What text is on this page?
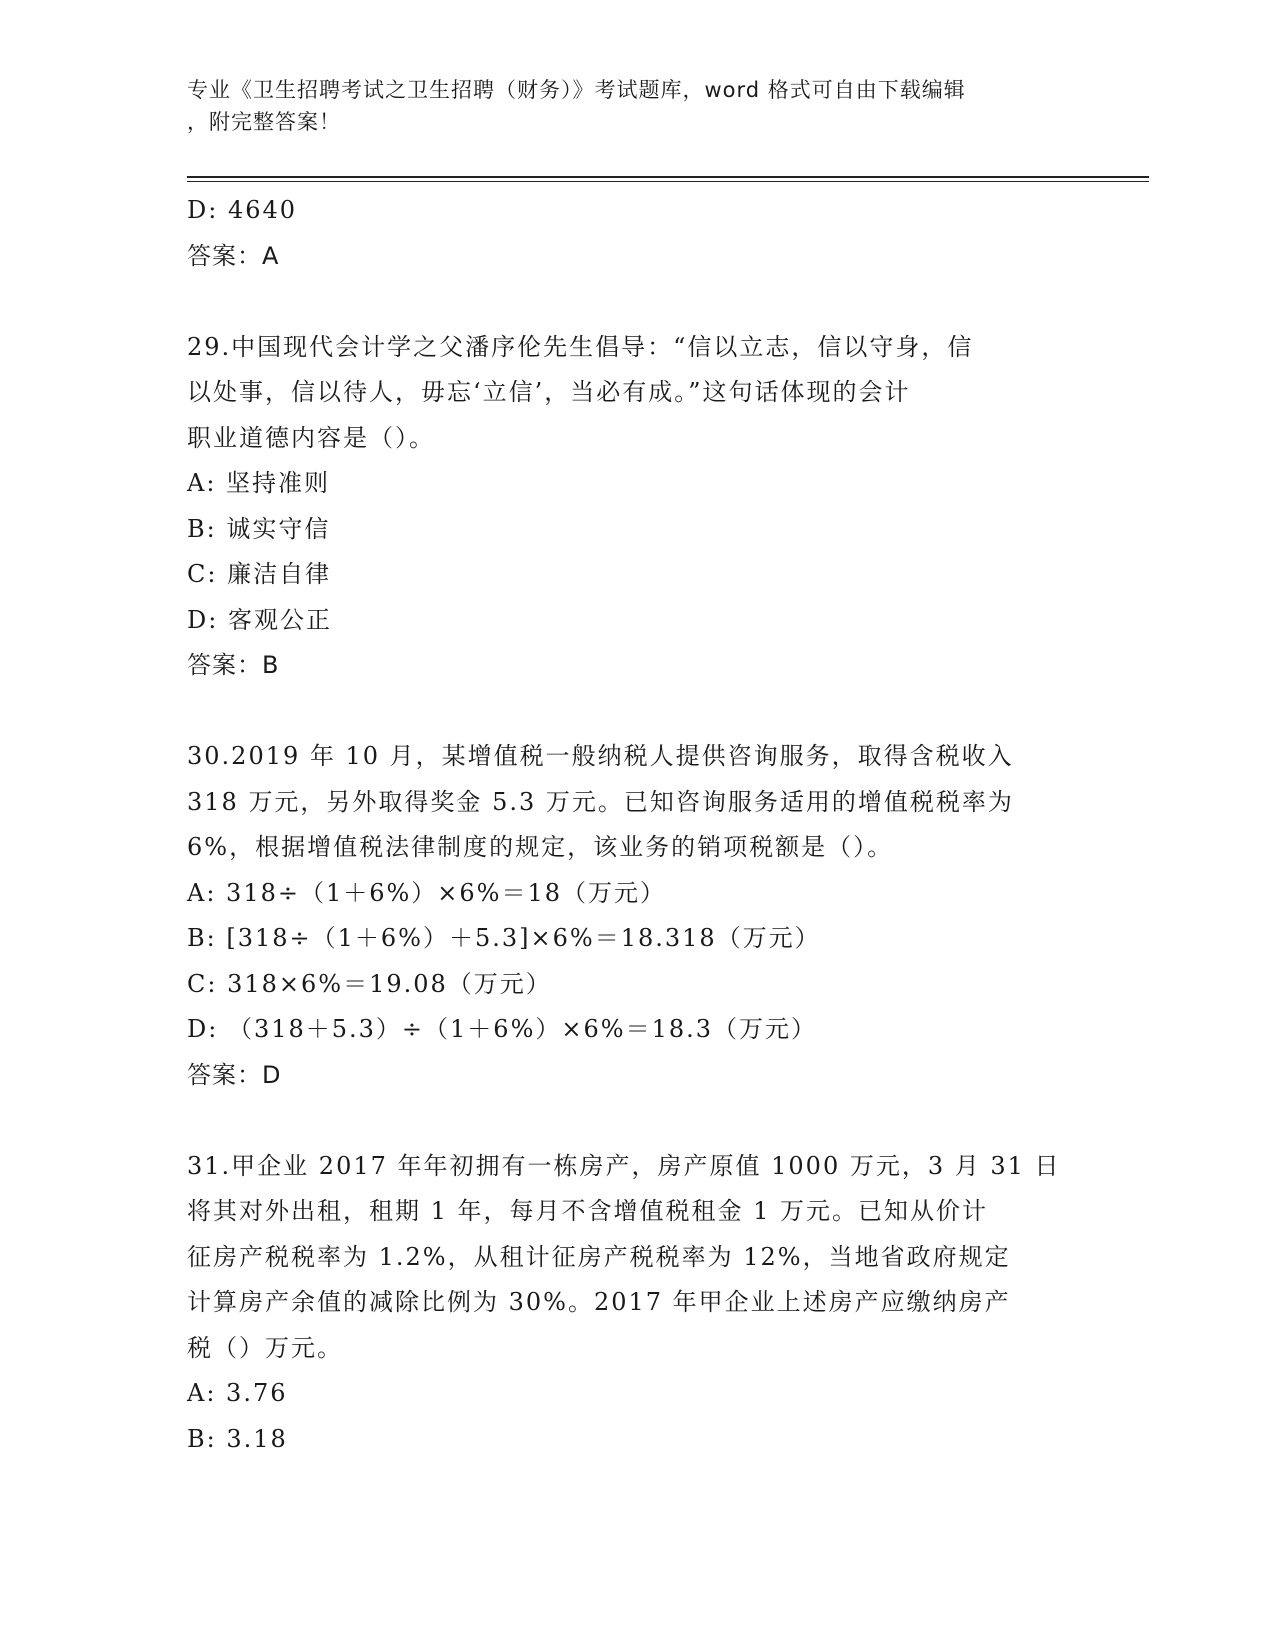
专业《卫生招聘考试之卫生招聘（财务）》考试题库，word 格式可自由下载编辑
，附完整答案！
D: 4640
答案：A
29.中国现代会计学之父潘序伦先生倡导：“信以立志，信以守身，信
以处事，信以待人，毋忘‘立信’，当必有成。”这句话体现的会计
职业道德内容是（）。
A: 坚持准则
B: 诚实守信
C: 廉洁自律
D: 客观公正
答案：B
30.2019 年 10 月，某增值税一般纳税人提供咨询服务，取得含税收入
318 万元，另外取得奖金 5.3 万元。已知咨询服务适用的增值税税率为
6%，根据增值税法律制度的规定，该业务的销项税额是（）。
A: 318÷（1＋6%）×6%＝18（万元）
B: [318÷（1＋6%）＋5.3]×6%＝18.318（万元）
C: 318×6%＝19.08（万元）
D: （318＋5.3）÷（1＋6%）×6%＝18.3（万元）
答案：D
31.甲企业 2017 年年初拥有一栋房产，房产原值 1000 万元，3 月 31 日
将其对外出租，租期 1 年，每月不含增值税租金 1 万元。已知从价计
征房产税税率为 1.2%，从租计征房产税税率为 12%，当地省政府规定
计算房产余值的减除比例为 30%。2017 年甲企业上述房产应缴纳房产
税（）万元。
A: 3.76
B: 3.18
